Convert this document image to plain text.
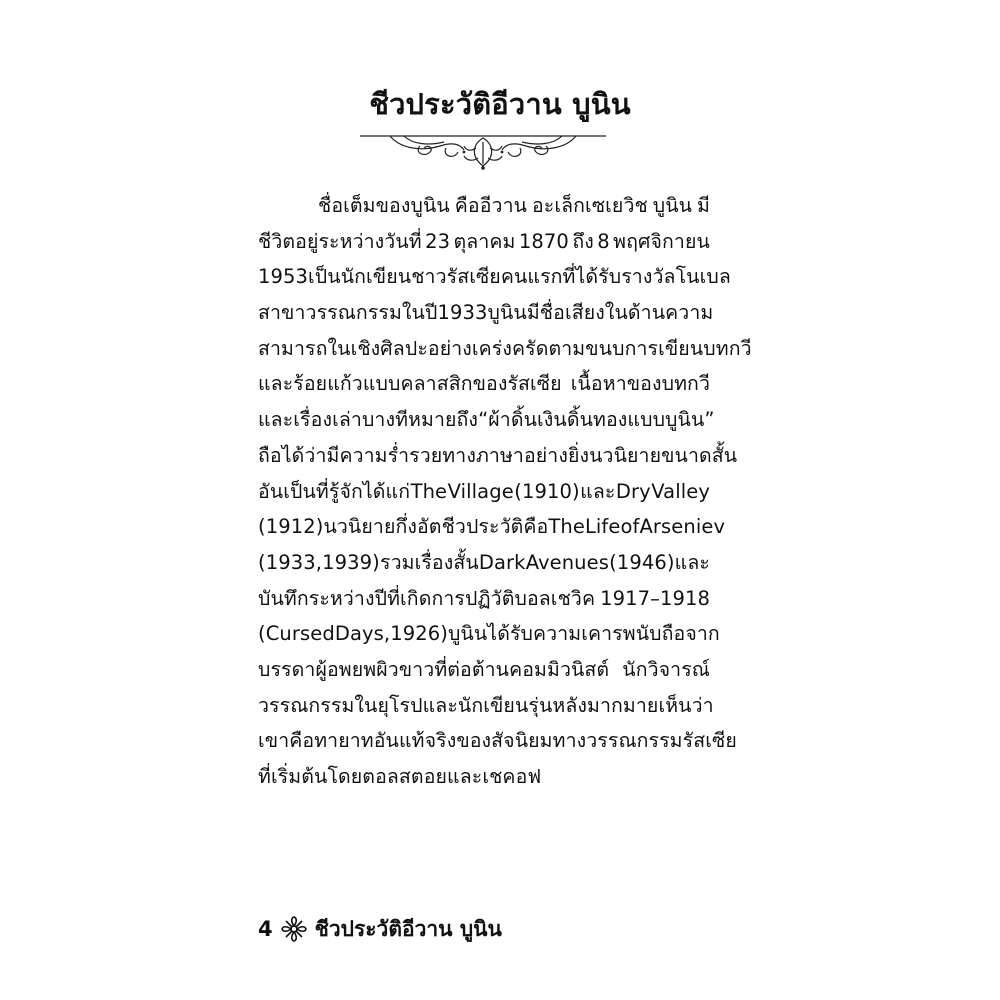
ชีวประวัติอีวาน บูนิน
ชื่อเต็มของบูนิน คืออีวาน อะเล็กเซเยวิช บูนิน มี
ชีวิตอยู่ระหว่างวันที่ 23 ตุลาคม 1870 ถึง 8 พฤศจิกายน
1953 เป็นนักเขียนชาวรัสเซียคนแรกที่ได้รับรางวัลโนเบล
สาขาวรรณกรรมในปี 1933 บูนินมีชื่อเสียงในด้านความ
สามารถในเชิงศิลปะอย่างเคร่งครัดตามขนบการเขียนบทกวี
และร้อยแก้วแบบคลาสสิกของรัสเซีย เนื้อหาของบทกวี
และเรื่องเล่า บางทีหมายถึง “ผ้าดิ้นเงินดิ้นทองแบบบูนิน”
ถือได้ว่ามีความร่ำรวยทางภาษาอย่างยิ่ง นวนิยายขนาดสั้น
อันเป็นที่รู้จักได้แก่ The Village (1910) และ Dry Valley
(1912) นวนิยายกึ่งอัตชีวประวัติคือ The Life of Arseniev
(1933, 1939) รวมเรื่องสั้น Dark Avenues (1946) และ
บันทึกระหว่างปีที่เกิดการปฏิวัติบอลเชวิค 1917–1918
(Cursed Days, 1926) บูนินได้รับความเคารพนับถือจาก
บรรดาผู้อพยพผิวขาวที่ต่อต้านคอมมิวนิสต์ นักวิจารณ์
วรรณกรรมในยุโรป และนักเขียนรุ่นหลังมากมายเห็นว่า
เขาคือทายาทอันแท้จริงของสัจนิยมทางวรรณกรรมรัสเซีย
ที่เริ่มต้นโดยตอลสตอยและเชคอฟ
4 ชีวประวัติอีวาน บูนิน
